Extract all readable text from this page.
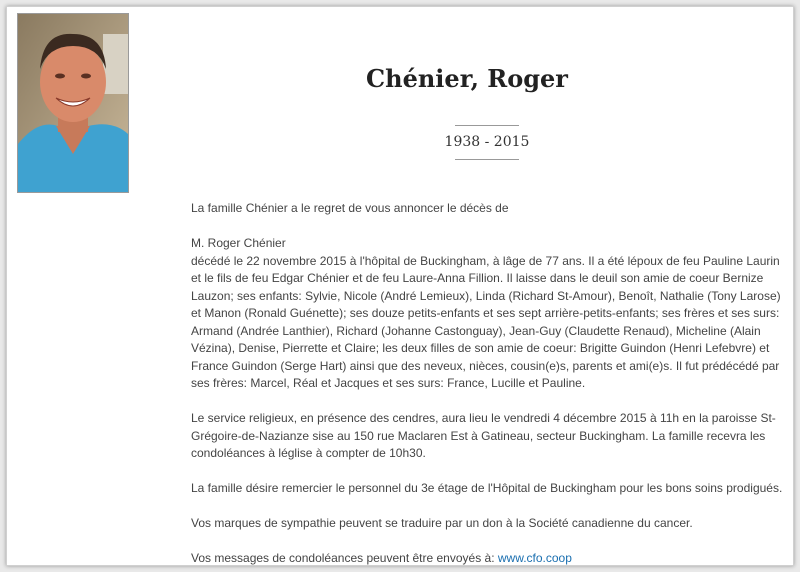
Chénier, Roger
1938 - 2015

La famille Chénier a le regret de vous annoncer le décès de

M. Roger Chénier
décédé le 22 novembre 2015 à l'hôpital de Buckingham, à lâge de 77 ans. Il a été lépoux de feu Pauline Laurin et le fils de feu Edgar Chénier et de feu Laure-Anna Fillion. Il laisse dans le deuil son amie de coeur Bernize Lauzon; ses enfants: Sylvie, Nicole (André Lemieux), Linda (Richard St-Amour), Benoît, Nathalie (Tony Larose) et Manon (Ronald Guénette); ses douze petits-enfants et ses sept arrière-petits-enfants; ses frères et ses surs: Armand (Andrée Lanthier), Richard (Johanne Castonguay), Jean-Guy (Claudette Renaud), Micheline (Alain Vézina), Denise, Pierrette et Claire; les deux filles de son amie de coeur: Brigitte Guindon (Henri Lefebvre) et France Guindon (Serge Hart) ainsi que des neveux, nièces, cousin(e)s, parents et ami(e)s. Il fut prédécédé par ses frères: Marcel, Réal et Jacques et ses surs: France, Lucille et Pauline.

Le service religieux, en présence des cendres, aura lieu le vendredi 4 décembre 2015 à 11h en la paroisse St-Grégoire-de-Nazianze sise au 150 rue Maclaren Est à Gatineau, secteur Buckingham. La famille recevra les condoléances à léglise à compter de 10h30.

La famille désire remercier le personnel du 3e étage de l'Hôpital de Buckingham pour les bons soins prodigués.

Vos marques de sympathie peuvent se traduire par un don à la Société canadienne du cancer.

Vos messages de condoléances peuvent être envoyés à: www.cfo.coop
